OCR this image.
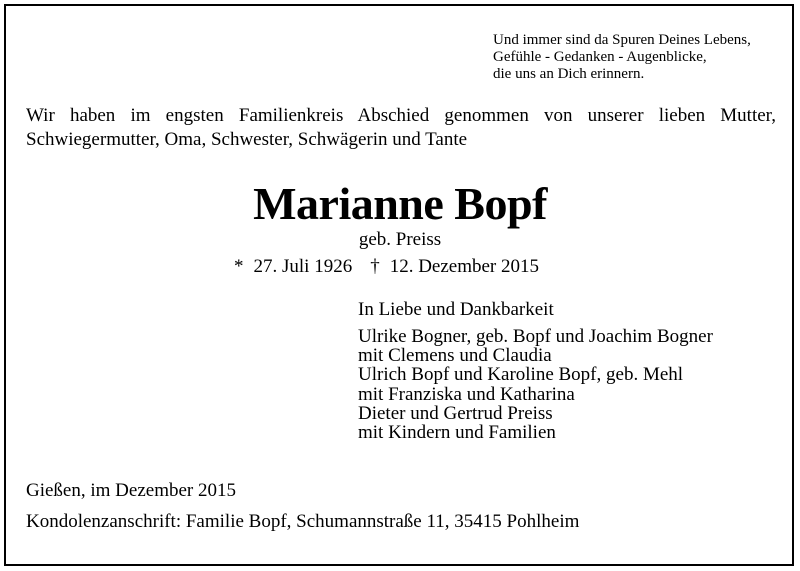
Und immer sind da Spuren Deines Lebens,
Gefühle - Gedanken - Augenblicke,
die uns an Dich erinnern.
Wir haben im engsten Familienkreis Abschied genommen von unserer lieben Mutter,
Schwiegermutter, Oma, Schwester, Schwägerin und Tante
Marianne Bopf
geb. Preiss
* 27. Juli 1926 † 12. Dezember 2015
In Liebe und Dankbarkeit
Ulrike Bogner, geb. Bopf und Joachim Bogner
mit Clemens und Claudia
Ulrich Bopf und Karoline Bopf, geb. Mehl
mit Franziska und Katharina
Dieter und Gertrud Preiss
mit Kindern und Familien
Gießen, im Dezember 2015
Kondolenzanschrift: Familie Bopf, Schumannstraße 11, 35415 Pohlheim
